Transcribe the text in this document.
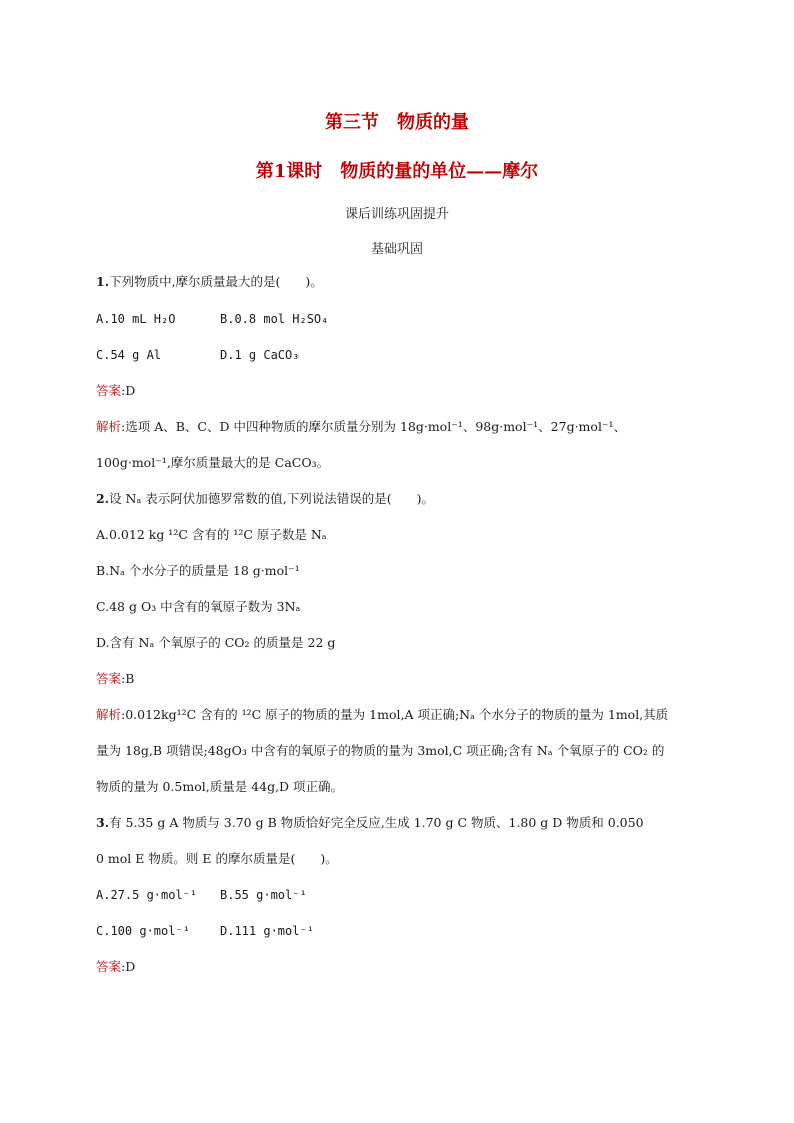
第三节　物质的量
第1课时　物质的量的单位——摩尔
课后训练巩固提升
基础巩固
1.下列物质中,摩尔质量最大的是(　　)。
A.10 mL H₂O	B.0.8 mol H₂SO₄
C.54 g Al	D.1 g CaCO₃
答案:D
解析:选项 A、B、C、D 中四种物质的摩尔质量分别为 18g·mol⁻¹、98g·mol⁻¹、27g·mol⁻¹、
100g·mol⁻¹,摩尔质量最大的是 CaCO₃。
2.设 Nₐ 表示阿伏加德罗常数的值,下列说法错误的是(　　)。
A.0.012 kg ¹²C 含有的 ¹²C 原子数是 Nₐ
B.Nₐ 个水分子的质量是 18 g·mol⁻¹
C.48 g O₃ 中含有的氧原子数为 3Nₐ
D.含有 Nₐ 个氧原子的 CO₂ 的质量是 22 g
答案:B
解析:0.012kg¹²C 含有的 ¹²C 原子的物质的量为 1mol,A 项正确;Nₐ 个水分子的物质的量为 1mol,其质
量为 18g,B 项错误;48gO₃ 中含有的氧原子的物质的量为 3mol,C 项正确;含有 Nₐ 个氧原子的 CO₂ 的
物质的量为 0.5mol,质量是 44g,D 项正确。
3.有 5.35 g A 物质与 3.70 g B 物质恰好完全反应,生成 1.70 g C 物质、1.80 g D 物质和 0.050
0 mol E 物质。则 E 的摩尔质量是(　　)。
A.27.5 g·mol⁻¹ B.55 g·mol⁻¹
C.100 g·mol⁻¹	D.111 g·mol⁻¹
答案:D
